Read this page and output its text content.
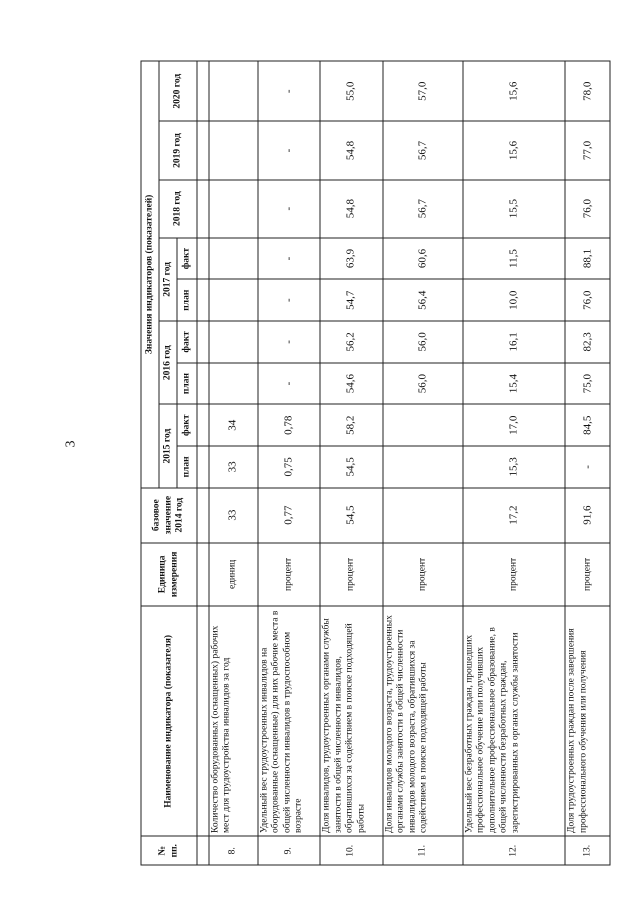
3
№ пп.	Наименование индикатора (показателя)	Единица измерения	базовое значение 2014 год	Значения индикаторов (показателей)								
				2015 год		2016 год		2017 год		2018 год	2019 год	2020 год
				план	факт	план	факт	план	факт			

8.	Количество оборудованных (оснащенных) рабочих мест для трудоустройства инвалидов за год	единиц	33	33	34							
9.	Удельный вес трудоустроенных инвалидов на оборудованные (оснащенные) для них рабочие места в общей численности инвалидов в трудоспособном возрасте	процент	0,77	0,75	0,78	-	-	-	-	-	-	-
10.	Доля инвалидов, трудоустроенных органами службы занятости в общей численности инвалидов, обратившихся за содействием в поиске подходящей работы	процент	54,5	54,5	58,2	54,6	56,2	54,7	63,9	54,8	54,8	55,0
11.	Доля инвалидов молодого возраста, трудоустроенных органами службы занятости в общей численности инвалидов молодого возраста, обратившихся за содействием в поиске подходящей работы	процент				56,0	56,0	56,4	60,6	56,7	56,7	57,0
12.	Удельный вес безработных граждан, прошедших профессиональное обучение или получивших дополнительное профессиональное образование, в общей численности безработных граждан, зарегистрированных в органах службы занятости	процент	17,2	15,3	17,0	15,4	16,1	10,0	11,5	15,5	15,6	15,6
13.	Доля трудоустроенных граждан после завершения профессионального обучения или получения	процент	91,6	-	84,5	75,0	82,3	76,0	88,1	76,0	77,0	78,0
